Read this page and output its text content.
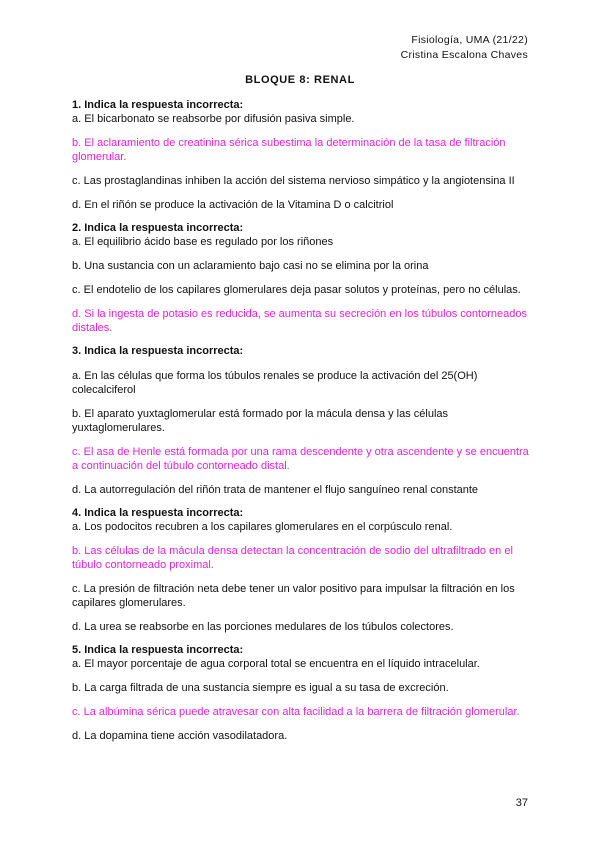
Fisiología, UMA (21/22)
Cristina Escalona Chaves
BLOQUE 8: RENAL

1. Indica la respuesta incorrecta:

a. El bicarbonato se reabsorbe por difusión pasiva simple.

b. El aclaramiento de creatinina sérica subestima la determinación de la tasa de filtración glomerular.

c. Las prostaglandinas inhiben la acción del sistema nervioso simpático y la angiotensina II

d. En el riñón se produce la activación de la Vitamina D o calcitriol

2. Indica la respuesta incorrecta:

a. El equilibrio ácido base es regulado por los riñones

b. Una sustancia con un aclaramiento bajo casi no se elimina por la orina

c. El endotelio de los capilares glomerulares deja pasar solutos y proteínas, pero no células.

d. Si la ingesta de potasio es reducida, se aumenta su secreción en los túbulos contorneados distales.

3. Indica la respuesta incorrecta:

a. En las células que forma los túbulos renales se produce la activación del 25(OH) colecalciferol

b. El aparato yuxtaglomerular está formado por la mácula densa y las células yuxtaglomerulares.

c. El asa de Henle está formada por una rama descendente y otra ascendente y se encuentra a continuación del túbulo contorneado distal.

d. La autorregulación del riñón trata de mantener el flujo sanguíneo renal constante

4. Indica la respuesta incorrecta:

a. Los podocitos recubren a los capilares glomerulares en el corpúsculo renal.

b. Las células de la mácula densa detectan la concentración de sodio del ultrafiltrado en el túbulo contorneado proximal.

c. La presión de filtración neta debe tener un valor positivo para impulsar la filtración en los capilares glomerulares.

d. La urea se reabsorbe en las porciones medulares de los túbulos colectores.

5. Indica la respuesta incorrecta:

a. El mayor porcentaje de agua corporal total se encuentra en el líquido intracelular.

b. La carga filtrada de una sustancia siempre es igual a su tasa de excreción.

c. La albúmina sérica puede atravesar con alta facilidad a la barrera de filtración glomerular.

d. La dopamina tiene acción vasodilatadora.

37
